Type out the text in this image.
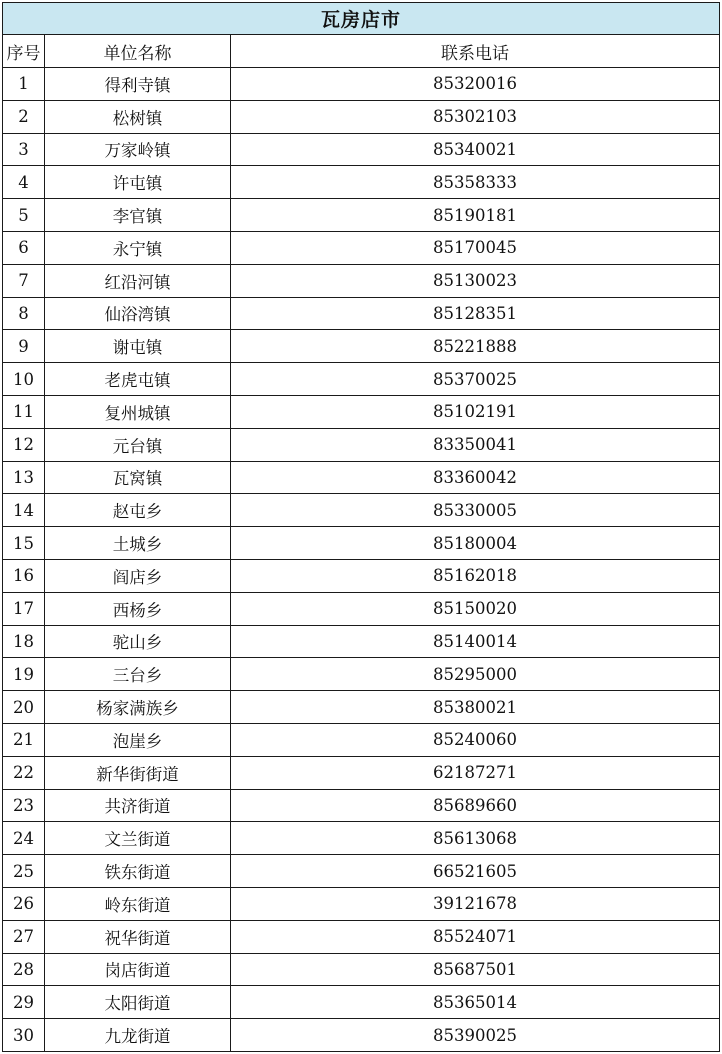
瓦房店市		
序号	单位名称	联系电话
1	得利寺镇	85320016
2	松树镇	85302103
3	万家岭镇	85340021
4	许屯镇	85358333
5	李官镇	85190181
6	永宁镇	85170045
7	红沿河镇	85130023
8	仙浴湾镇	85128351
9	谢屯镇	85221888
10	老虎屯镇	85370025
11	复州城镇	85102191
12	元台镇	83350041
13	瓦窝镇	83360042
14	赵屯乡	85330005
15	土城乡	85180004
16	阎店乡	85162018
17	西杨乡	85150020
18	驼山乡	85140014
19	三台乡	85295000
20	杨家满族乡	85380021
21	泡崖乡	85240060
22	新华街街道	62187271
23	共济街道	85689660
24	文兰街道	85613068
25	铁东街道	66521605
26	岭东街道	39121678
27	祝华街道	85524071
28	岗店街道	85687501
29	太阳街道	85365014
30	九龙街道	85390025
